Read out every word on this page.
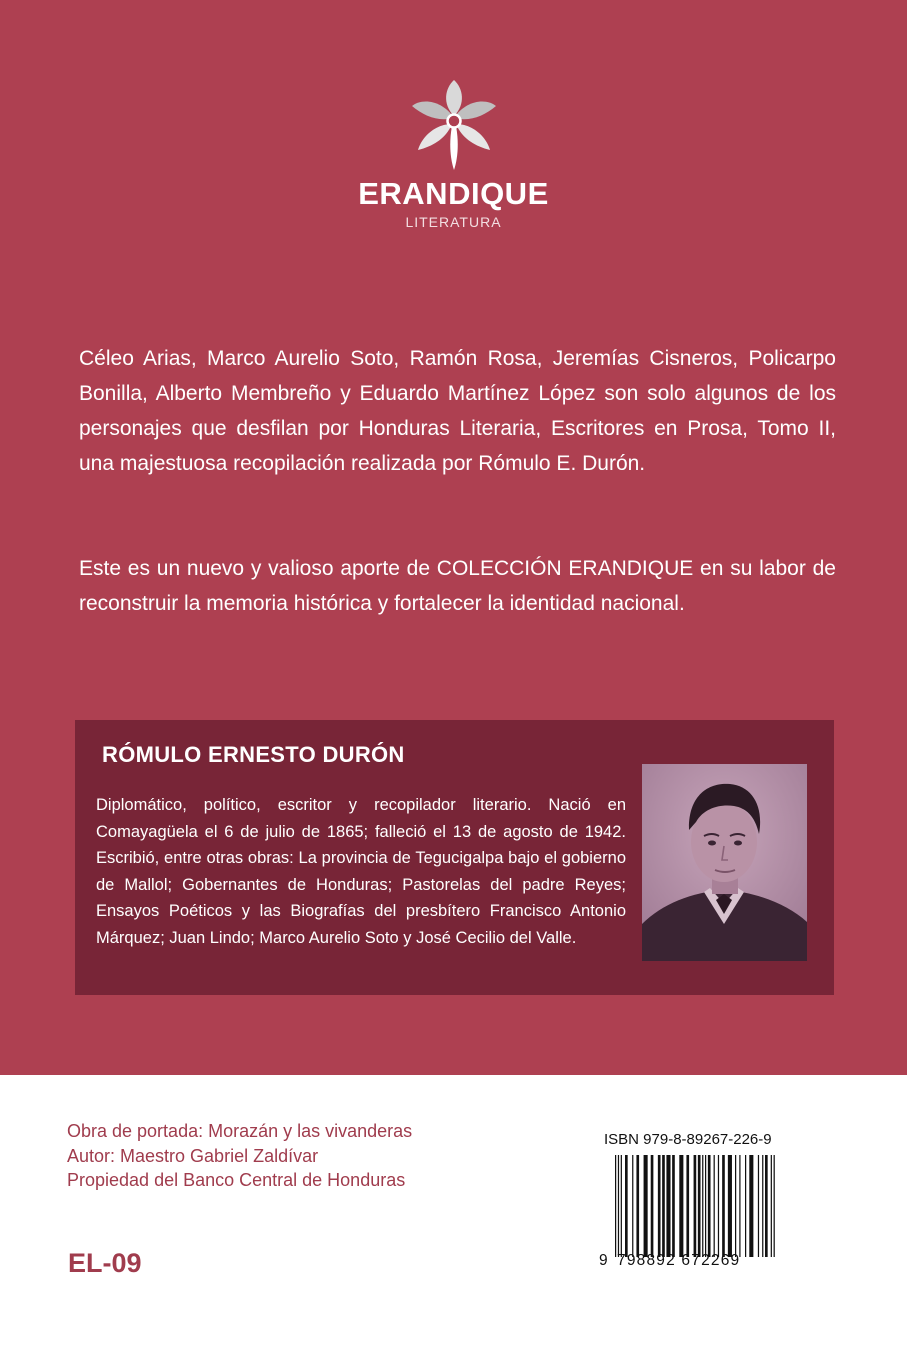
ERANDIQUE
LITERATURA

Céleo Arias, Marco Aurelio Soto, Ramón Rosa, Jeremías Cisneros, Policarpo Bonilla, Alberto Membreño y Eduardo Martínez López son solo algunos de los personajes que desfilan por Honduras Literaria, Escritores en Prosa, Tomo II, una majestuosa recopilación realizada por Rómulo E. Durón.

Este es un nuevo y valioso aporte de COLECCIÓN ERANDIQUE en su labor de reconstruir la memoria histórica y fortalecer la identidad nacional.

RÓMULO ERNESTO DURÓN

Diplomático, político, escritor y recopilador literario. Nació en Comayagüela el 6 de julio de 1865; falleció el 13 de agosto de 1942. Escribió, entre otras obras: La provincia de Tegucigalpa bajo el gobierno de Mallol; Gobernantes de Honduras; Pastorelas del padre Reyes; Ensayos Poéticos y las Biografías del presbítero Francisco Antonio Márquez; Juan Lindo; Marco Aurelio Soto y José Cecilio del Valle.

Obra de portada: Morazán y las vivanderas
Autor: Maestro Gabriel Zaldívar
Propiedad del Banco Central de Honduras
EL-09
ISBN 979-8-89267-226-9
9 798892 672269
